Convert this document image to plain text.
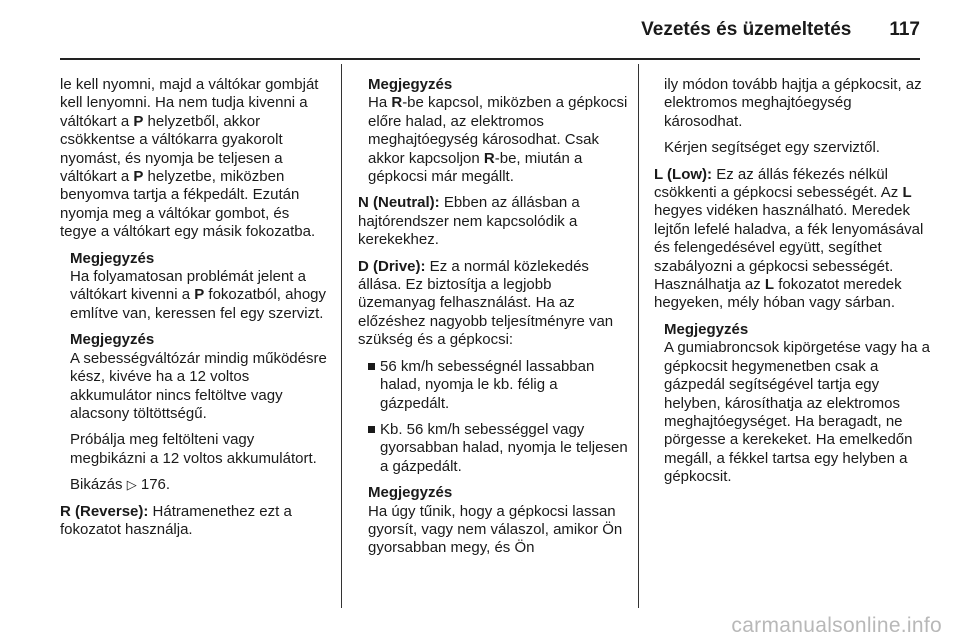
Vezetés és üzemeltetés 117

le kell nyomni, majd a váltókar gombját kell lenyomni. Ha nem tudja kivenni a váltókart a P helyzetből, akkor csökkentse a váltókarra gyakorolt nyomást, és nyomja be teljesen a váltókart a P helyzetbe, miközben benyomva tartja a fékpedált. Ezután nyomja meg a váltókar gombot, és tegye a váltókart egy másik fokozatba.

Megjegyzés

Ha folyamatosan problémát jelent a váltókart kivenni a P fokozatból, ahogy említve van, keressen fel egy szervizt.

Megjegyzés

A sebességváltózár mindig működésre kész, kivéve ha a 12 voltos akkumulátor nincs feltöltve vagy alacsony töltöttségű.

Próbálja meg feltölteni vagy megbikázni a 12 voltos akkumulátort.

Bikázás ▷ 176.

R (Reverse): Hátramenethez ezt a fokozatot használja.

Megjegyzés

Ha R-be kapcsol, miközben a gépkocsi előre halad, az elektromos meghajtóegység károsodhat. Csak akkor kapcsoljon R-be, miután a gépkocsi már megállt.

N (Neutral): Ebben az állásban a hajtórendszer nem kapcsolódik a kerekekhez.

D (Drive): Ez a normál közlekedés állása. Ez biztosítja a legjobb üzemanyag felhasználást. Ha az előzéshez nagyobb teljesítményre van szükség és a gépkocsi:

56 km/h sebességnél lassabban halad, nyomja le kb. félig a gázpedált.
Kb. 56 km/h sebességgel vagy gyorsabban halad, nyomja le teljesen a gázpedált.

Megjegyzés

Ha úgy tűnik, hogy a gépkocsi lassan gyorsít, vagy nem válaszol, amikor Ön gyorsabban megy, és Ön

ily módon tovább hajtja a gépkocsit, az elektromos meghajtóegység károsodhat.

Kérjen segítséget egy szerviztől.

L (Low): Ez az állás fékezés nélkül csökkenti a gépkocsi sebességét. Az L hegyes vidéken használható. Meredek lejtőn lefelé haladva, a fék lenyomásával és felengedésével együtt, segíthet szabályozni a gépkocsi sebességét. Használhatja az L fokozatot meredek hegyeken, mély hóban vagy sárban.

Megjegyzés

A gumiabroncsok kipörgetése vagy ha a gépkocsit hegymenetben csak a gázpedál segítségével tartja egy helyben, károsíthatja az elektromos meghajtóegységet. Ha beragadt, ne pörgesse a kerekeket. Ha emelkedőn megáll, a fékkel tartsa egy helyben a gépkocsit.

carmanualsonline.info
